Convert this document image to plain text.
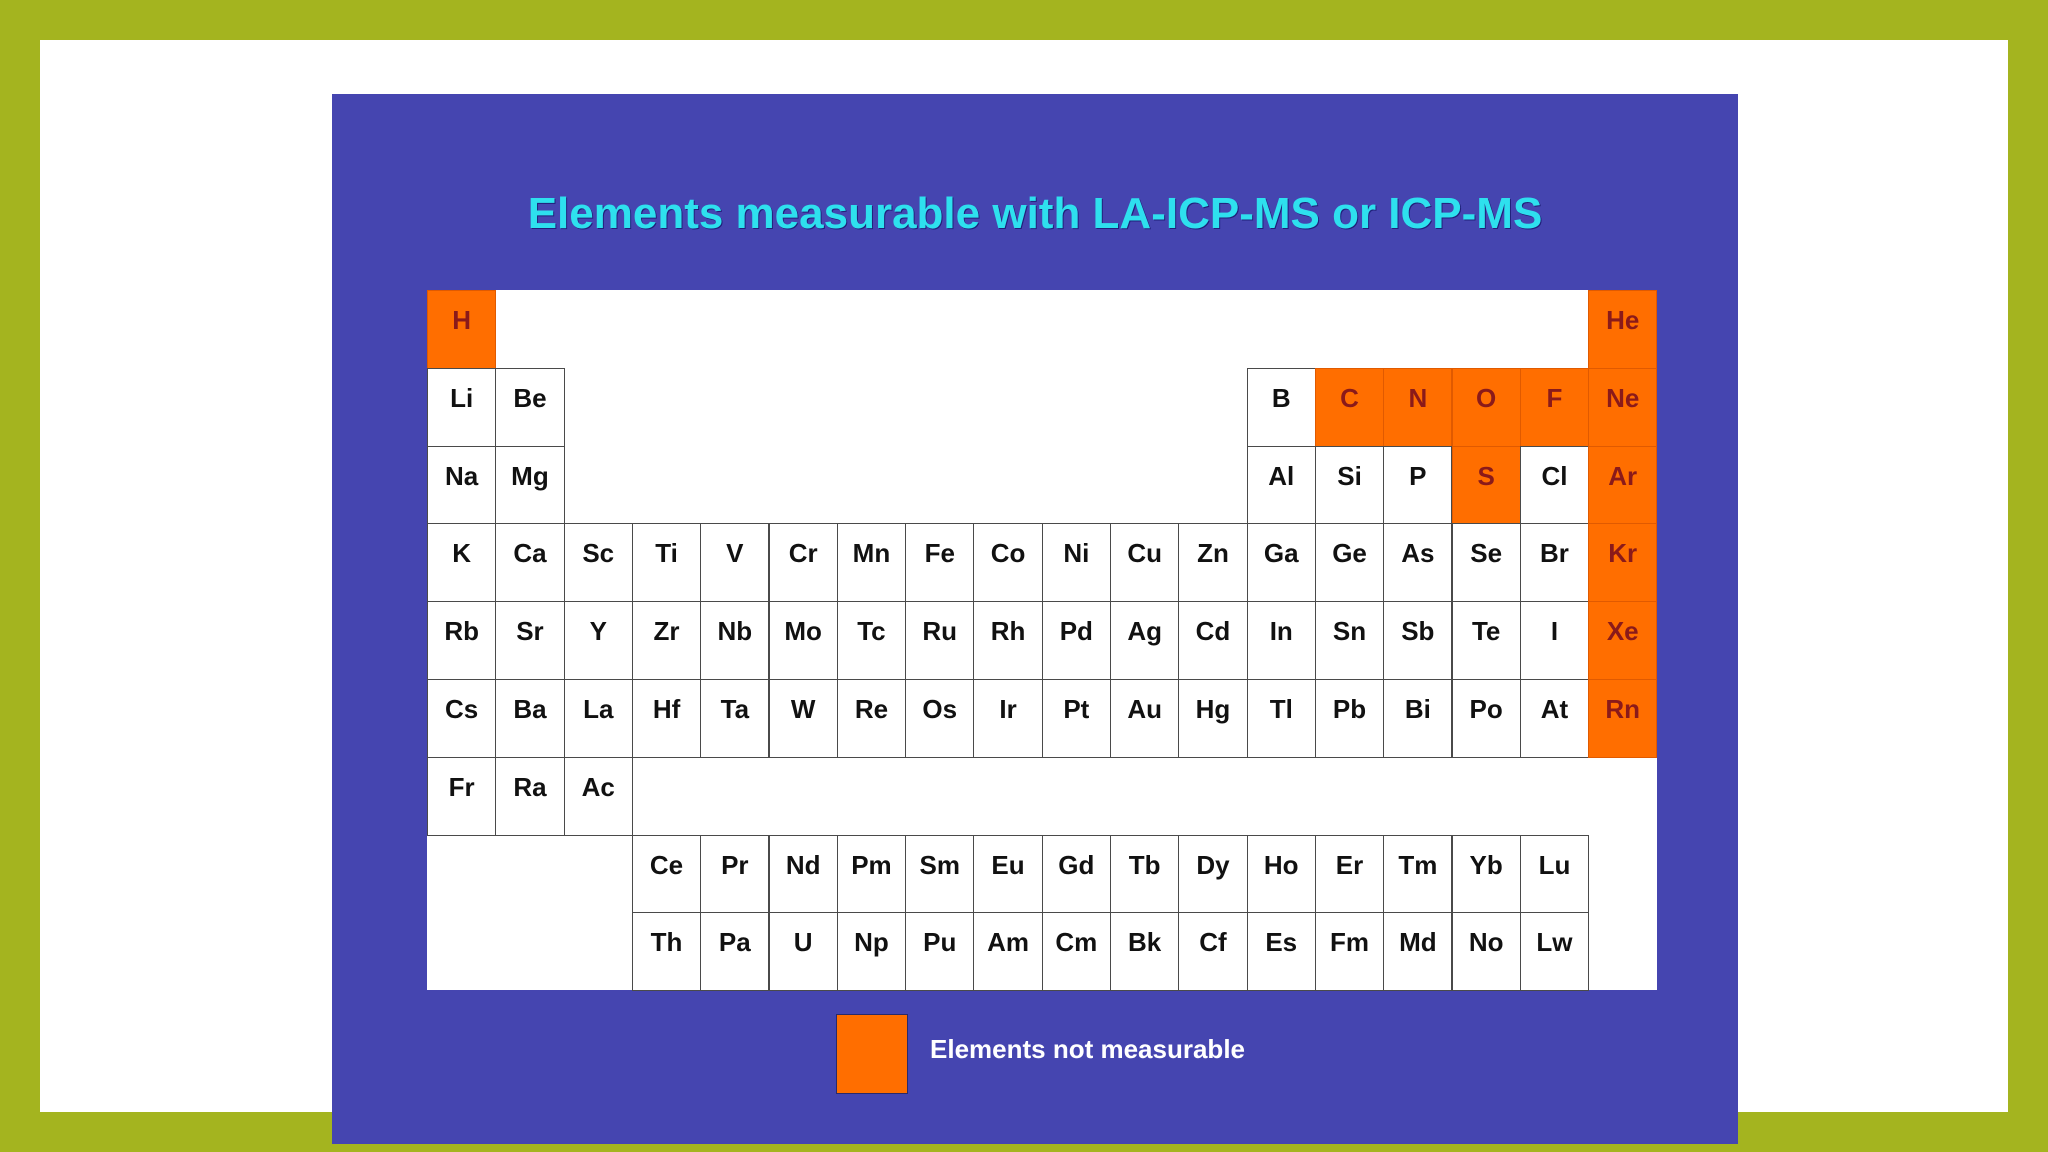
Elements measurable with LA-ICP-MS or ICP-MS
H	He
Li	Be	B	C	N	O	F	Ne
Na	Mg	Al	Si	P	S	Cl	Ar
K	Ca	Sc	Ti	V	Cr	Mn	Fe	Co	Ni	Cu	Zn	Ga	Ge	As	Se	Br	Kr
Rb	Sr	Y	Zr	Nb	Mo	Tc	Ru	Rh	Pd	Ag	Cd	In	Sn	Sb	Te	I	Xe
Cs	Ba	La	Hf	Ta	W	Re	Os	Ir	Pt	Au	Hg	Tl	Pb	Bi	Po	At	Rn
Fr	Ra	Ac
Ce	Pr	Nd	Pm	Sm	Eu	Gd	Tb	Dy	Ho	Er	Tm	Yb	Lu
Th	Pa	U	Np	Pu	Am	Cm	Bk	Cf	Es	Fm	Md	No	Lw
Elements not measurable
